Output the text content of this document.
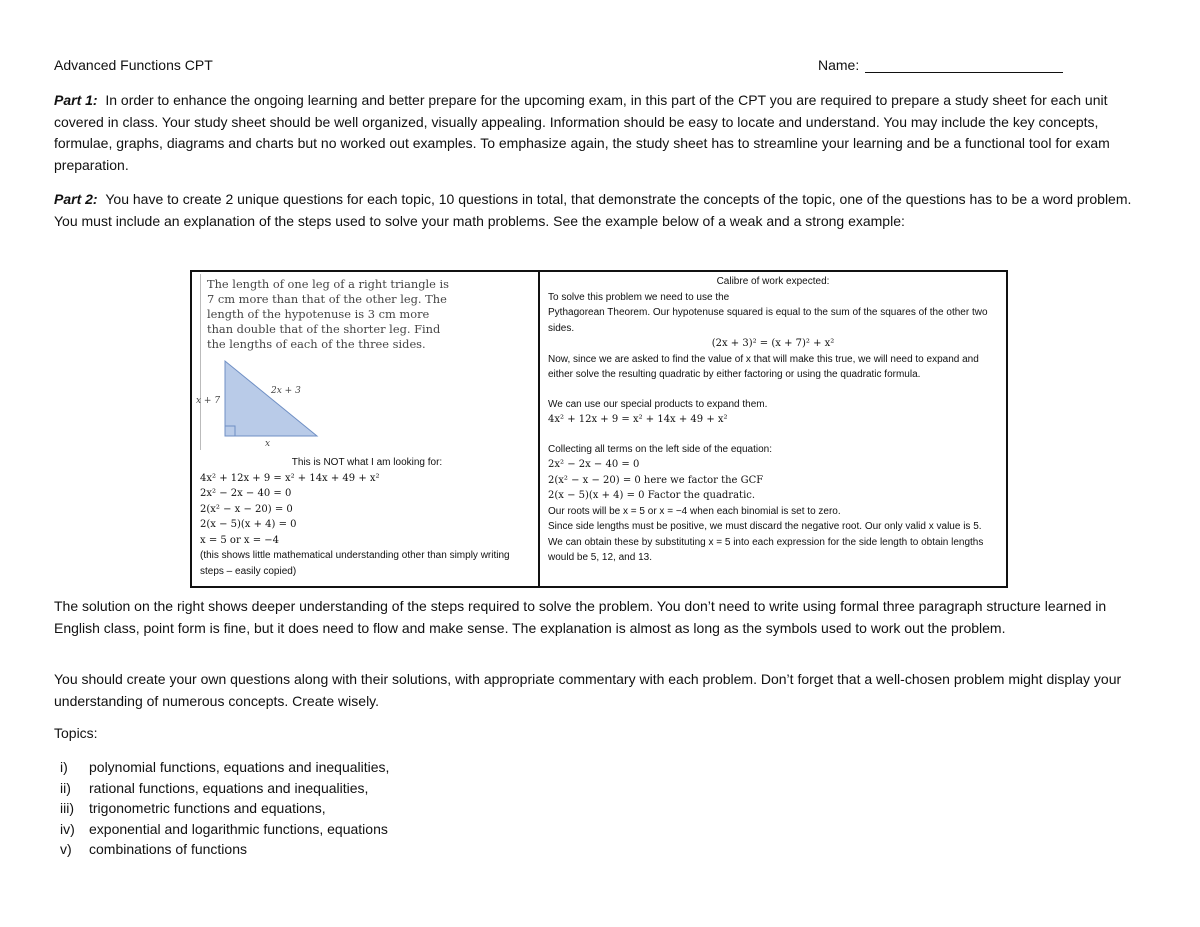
Advanced Functions CPT	Name:

Part 1: In order to enhance the ongoing learning and better prepare for the upcoming exam, in this part of the CPT you are required to prepare a study sheet for each unit covered in class. Your study sheet should be well organized, visually appealing. Information should be easy to locate and understand. You may include the key concepts, formulae, graphs, diagrams and charts but no worked out examples. To emphasize again, the study sheet has to streamline your learning and be a functional tool for exam preparation.

Part 2: You have to create 2 unique questions for each topic, 10 questions in total, that demonstrate the concepts of the topic, one of the questions has to be a word problem. You must include an explanation of the steps used to solve your math problems. See the example below of a weak and a strong example:

The length of one leg of a right triangle is
7 cm more than that of the other leg. The
length of the hypotenuse is 3 cm more
than double that of the shorter leg. Find
the lengths of each of the three sides.

x + 7
2x + 3
x
This is NOT what I am looking for:
4x² + 12x + 9 = x² + 14x + 49 + x²
2x² − 2x − 40 = 0
2(x² − x − 20) = 0
2(x − 5)(x + 4) = 0
x = 5 or x = −4
(this shows little mathematical understanding other than simply writing steps – easily copied)
Calibre of work expected:

To solve this problem we need to use the

Pythagorean Theorem. Our hypotenuse squared is equal to the sum of the squares of the other two sides.

(2x + 3)² = (x + 7)² + x²

Now, since we are asked to find the value of x that will make this true, we will need to expand and either solve the resulting quadratic by either factoring or using the quadratic formula.

We can use our special products to expand them.

4x² + 12x + 9 = x² + 14x + 49 + x²

Collecting all terms on the left side of the equation:

2x² − 2x − 40 = 0
2(x² − x − 20) = 0 here we factor the GCF
2(x − 5)(x + 4) = 0 Factor the quadratic.

Our roots will be x = 5 or x = −4 when each binomial is set to zero.

Since side lengths must be positive, we must discard the negative root. Our only valid x value is 5. We can obtain these by substituting x = 5 into each expression for the side length to obtain lengths would be 5, 12, and 13.

The solution on the right shows deeper understanding of the steps required to solve the problem. You don’t need to write using formal three paragraph structure learned in English class, point form is fine, but it does need to flow and make sense. The explanation is almost as long as the symbols used to work out the problem.

You should create your own questions along with their solutions, with appropriate commentary with each problem. Don’t forget that a well-chosen problem might display your understanding of numerous concepts. Create wisely.

Topics:

i) polynomial functions, equations and inequalities,
ii) rational functions, equations and inequalities,
iii) trigonometric functions and equations,
iv) exponential and logarithmic functions, equations
v) combinations of functions
